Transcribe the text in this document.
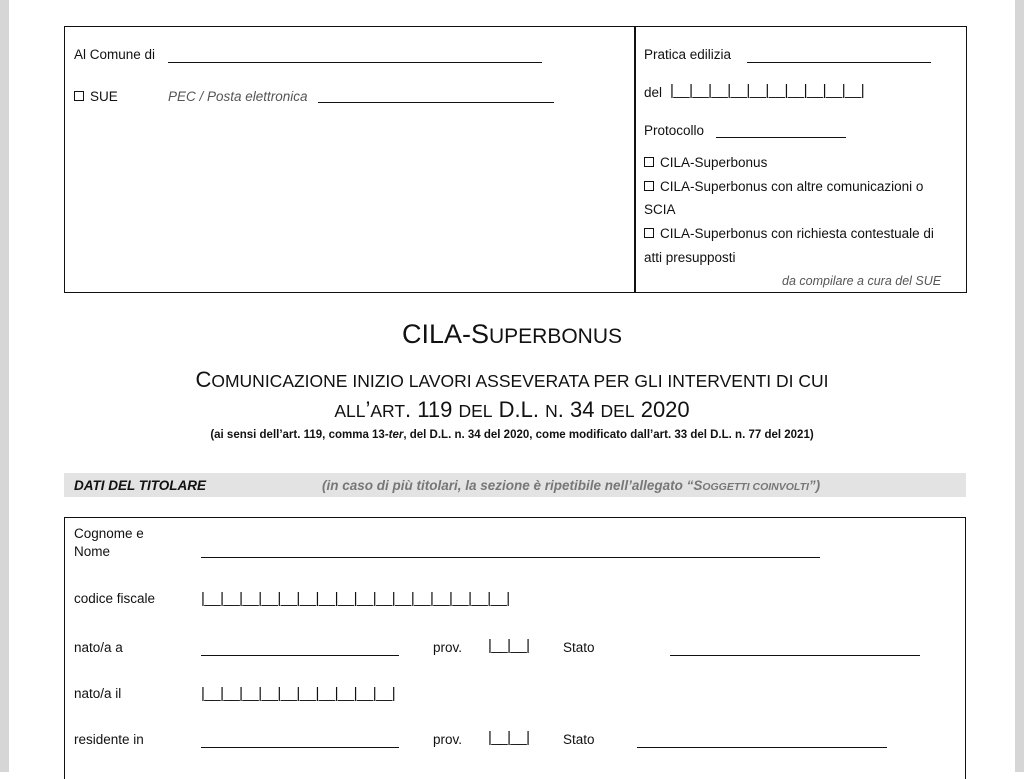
Al Comune di
SUE	PEC / Posta elettronica
Pratica edilizia
del |__|__|__|__|__|__|__|__|__|__|
Protocollo
CILA-Superbonus
CILA-Superbonus con altre comunicazioni o
SCIA
CILA-Superbonus con richiesta contestuale di
atti presupposti
da compilare a cura del SUE
CILA-SUPERBONUS
COMUNICAZIONE INIZIO LAVORI ASSEVERATA PER GLI INTERVENTI DI CUI
ALL’ART. 119 DEL D.L. N. 34 DEL 2020
(ai sensi dell’art. 119, comma 13-ter, del D.L. n. 34 del 2020, come modificato dall’art. 33 del D.L. n. 77 del 2021)
DATI DEL TITOLARE	(in caso di più titolari, la sezione è ripetibile nell’allegato “SOGGETTI COINVOLTI”)
Cognome e
Nome
codice fiscale	|__|__|__|__|__|__|__|__|__|__|__|__|__|__|__|__|
nato/a a	prov. |__|__| Stato
nato/a il	|__|__|__|__|__|__|__|__|__|__|
residente in	prov. |__|__| Stato
